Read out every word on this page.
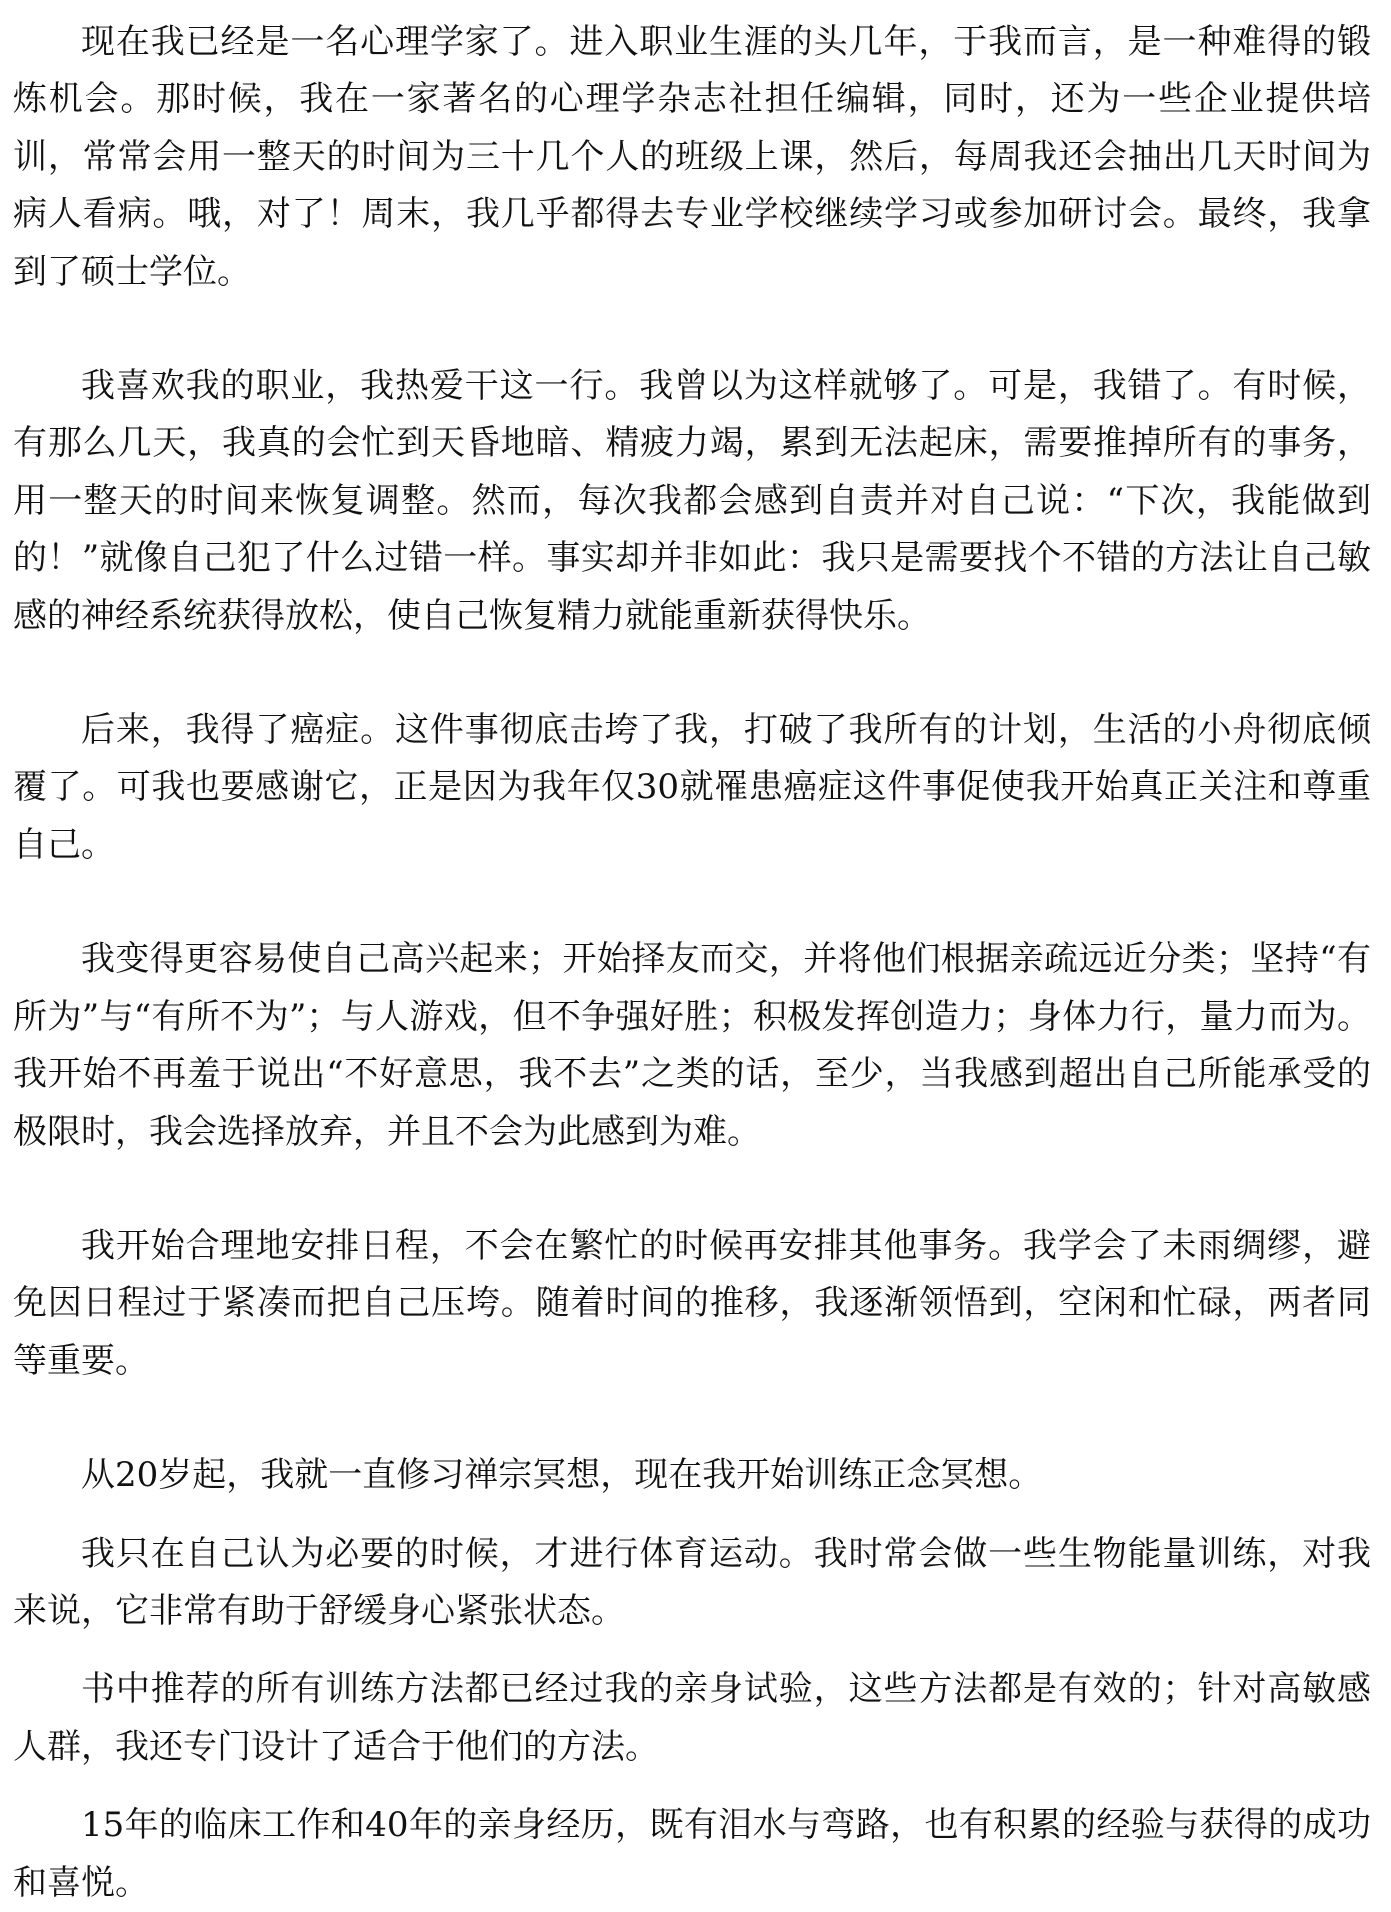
现在我已经是一名心理学家了。进入职业生涯的头几年，于我而言，是一种难得的锻炼机会。那时候，我在一家著名的心理学杂志社担任编辑，同时，还为一些企业提供培训，常常会用一整天的时间为三十几个人的班级上课，然后，每周我还会抽出几天时间为病人看病。哦，对了！周末，我几乎都得去专业学校继续学习或参加研讨会。最终，我拿到了硕士学位。

我喜欢我的职业，我热爱干这一行。我曾以为这样就够了。可是，我错了。有时候，有那么几天，我真的会忙到天昏地暗、精疲力竭，累到无法起床，需要推掉所有的事务，用一整天的时间来恢复调整。然而，每次我都会感到自责并对自己说：“下次，我能做到的！”就像自己犯了什么过错一样。事实却并非如此：我只是需要找个不错的方法让自己敏感的神经系统获得放松，使自己恢复精力就能重新获得快乐。

后来，我得了癌症。这件事彻底击垮了我，打破了我所有的计划，生活的小舟彻底倾覆了。可我也要感谢它，正是因为我年仅30就罹患癌症这件事促使我开始真正关注和尊重自己。

我变得更容易使自己高兴起来；开始择友而交，并将他们根据亲疏远近分类；坚持“有所为”与“有所不为”；与人游戏，但不争强好胜；积极发挥创造力；身体力行，量力而为。我开始不再羞于说出“不好意思，我不去”之类的话，至少，当我感到超出自己所能承受的极限时，我会选择放弃，并且不会为此感到为难。

我开始合理地安排日程，不会在繁忙的时候再安排其他事务。我学会了未雨绸缪，避免因日程过于紧凑而把自己压垮。随着时间的推移，我逐渐领悟到，空闲和忙碌，两者同等重要。

从20岁起，我就一直修习禅宗冥想，现在我开始训练正念冥想。

我只在自己认为必要的时候，才进行体育运动。我时常会做一些生物能量训练，对我来说，它非常有助于舒缓身心紧张状态。

书中推荐的所有训练方法都已经过我的亲身试验，这些方法都是有效的；针对高敏感人群，我还专门设计了适合于他们的方法。

15年的临床工作和40年的亲身经历，既有泪水与弯路，也有积累的经验与获得的成功和喜悦。
